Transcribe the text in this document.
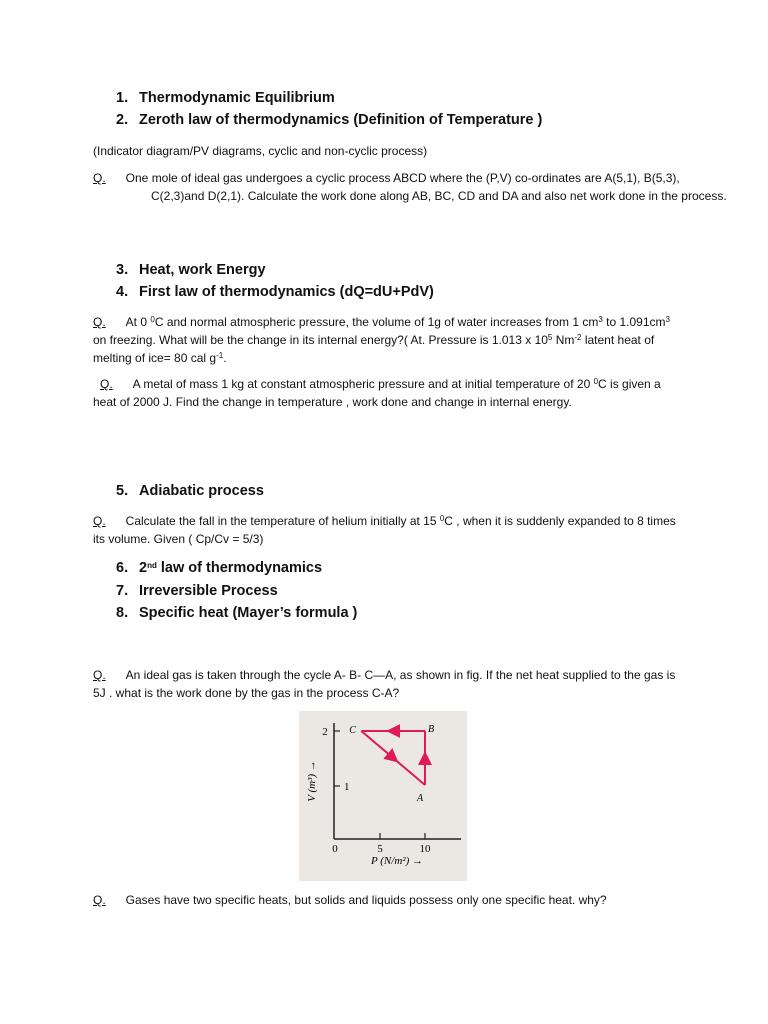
1. Thermodynamic Equilibrium
2. Zeroth law of thermodynamics (Definition of Temperature )
(Indicator diagram/PV diagrams, cyclic and non-cyclic process)
Q. One mole of ideal gas undergoes a cyclic process ABCD where the (P,V) co-ordinates are A(5,1), B(5,3), C(2,3)and D(2,1). Calculate the work done along AB, BC, CD and DA and also net work done in the process.
3. Heat, work Energy
4. First law of thermodynamics (dQ=dU+PdV)
Q. At 0 $^0$C and normal atmospheric pressure, the volume of 1g of water increases from 1 $cm^3$ to $1.091cm^3$ on freezing. What will be the change in its internal energy?( At. Pressure is 1.013 x $10^5$ $Nm^{-2}$ latent heat of melting of ice= 80 cal $g^{-1}$.
Q. A metal of mass 1 kg at constant atmospheric pressure and at initial temperature of 20 $^0$C is given a heat of 2000 J. Find the change in temperature , work done and change in internal energy.
5. Adiabatic process
Q. Calculate the fall in the temperature of helium initially at 15 $^0$C , when it is suddenly expanded to 8 times its volume. Given ( Cp/Cv = 5/3)
6. 2nd law of thermodynamics
7. Irreversible Process
8. Specific heat (Mayer’s formula )
Q. An ideal gas is taken through the cycle A- B- C—A, as shown in fig. If the net heat supplied to the gas is 5J . what is the work done by the gas in the process C-A?
2
1
0	5	10
P (N/m²) →
V (m³) →	A
B
C
Q. Gases have two specific heats, but solids and liquids possess only one specific heat. why?
